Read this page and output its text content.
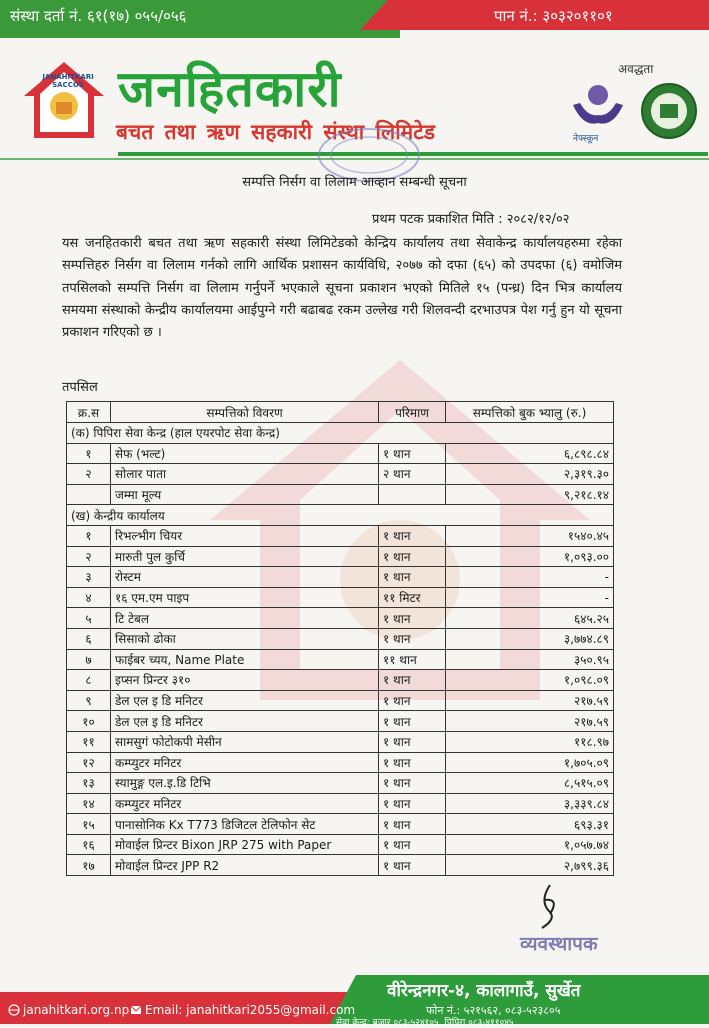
संस्था दर्ता नं. ६१(१७) ०५५/०५६	पान नं.: ३०३२०११०१
JANAHITKARI SACCOS
स्था. २०५५
जनहितकारी
बचत तथा ऋण सहकारी संस्था लिमिटेड
अवद्धता
नेफ्स्कून
सम्पत्ति निर्सग वा लिलाम आव्हान सम्बन्धी सूचना
प्रथम पटक प्रकाशित मिति : २०८२/१२/०२
यस जनहितकारी बचत तथा ऋण सहकारी संस्था लिमिटेडको केन्द्रिय कार्यालय तथा सेवाकेन्द्र कार्यालयहरुमा रहेका सम्पत्तिहरु निर्सग वा लिलाम गर्नको लागि आर्थिक प्रशासन कार्यविधि, २०७७ को दफा (६५) को उपदफा (६) वमोजिम तपसिलको सम्पत्ति निर्सग वा लिलाम गर्नुपर्ने भएकाले सूचना प्रकाशन भएको मितिले १५ (पन्ध्र) दिन भित्र कार्यालय समयमा संस्थाको केन्द्रीय कार्यालयमा आईपुग्ने गरी बढाबढ रकम उल्लेख गरी शिलवन्दी दरभाउपत्र पेश गर्नु हुन यो सूचना प्रकाशन गरिएको छ ।
तपसिल
क्र.स	सम्पत्तिको विवरण	परिमाण	सम्पत्तिको बुक भ्यालु (रु.)
(क) पिपिरा सेवा केन्द्र (हाल एयरपोट सेवा केन्द्र)			
१	सेफ (भल्ट)	१ थान	६,८९८.८४
२	सोलार पाता	२ थान	२,३१९.३०
	जम्मा मूल्य		९,२१८.१४
(ख) केन्द्रीय कार्यालय			
१	रिभल्भीग चियर	१ थान	१५४०.४५
२	मारुती पुल कुर्चि	१ थान	१,०९३.००
३	रोस्टम	१ थान	-
४	१६ एम.एम पाइप	११ मिटर	-
५	टि टेबल	१ थान	६४५.२५
६	सिसाको ढोका	१ थान	३,७७४.८९
७	फाईबर च्यय, Name Plate	११ थान	३५०.९५
८	इप्सन प्रिन्टर ३१०	१ थान	१,०९८.०९
९	डेल एल इ डि मनिटर	१ थान	२१७.५९
१०	डेल एल इ डि मनिटर	१ थान	२१७.५९
११	सामसुगं फोटोकपी मेसीन	१ थान	११८.९७
१२	कम्प्युटर मनिटर	१ थान	१,७०५.०९
१३	स्यामुङ्ग एल.इ.डि टिभि	१ थान	८,५१५.०९
१४	कम्प्युटर मनिटर	१ थान	३,३३९.८४
१५	पानासोनिक Kx T773 डिजिटल टेलिफोन सेट	१ थान	६९३.३१
१६	मोवाईल प्रिन्टर Bixon JRP 275 with Paper	१ थान	१,०५७.७४
१७	मोवाईल प्रिन्टर JPP R2	१ थान	२,७९९.३६
व्यवस्थापक
janahitkari.org.np	Email: janahitkari2055@gmail.com
वीरेन्द्रनगर-४, कालागाउँ, सुर्खेत
फोन नं.: ५२१५६२, ०८३-५२३८०५
सेवा केन्द्र: बजार ०८३-५२४१०५, पिपिरा ०८३-४११०४५
